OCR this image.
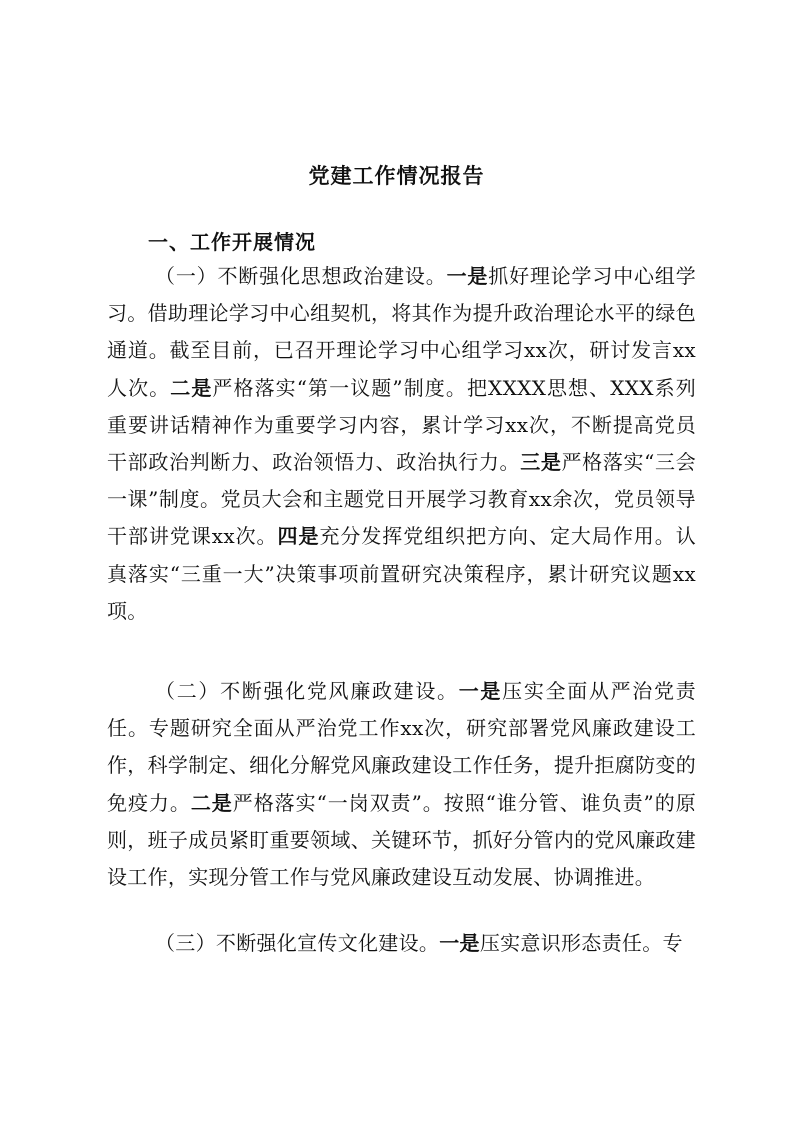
党建工作情况报告
一、工作开展情况

（一）不断强化思想政治建设。一是抓好理论学习中心组学习。借助理论学习中心组契机，将其作为提升政治理论水平的绿色通道。截至目前，已召开理论学习中心组学习xx次，研讨发言xx人次。二是严格落实“第一议题”制度。把XXXX思想、XXX系列重要讲话精神作为重要学习内容，累计学习xx次，不断提高党员干部政治判断力、政治领悟力、政治执行力。三是严格落实“三会一课”制度。党员大会和主题党日开展学习教育xx余次，党员领导干部讲党课xx次。四是充分发挥党组织把方向、定大局作用。认真落实“三重一大”决策事项前置研究决策程序，累计研究议题xx项。

（二）不断强化党风廉政建设。一是压实全面从严治党责任。专题研究全面从严治党工作xx次，研究部署党风廉政建设工作，科学制定、细化分解党风廉政建设工作任务，提升拒腐防变的免疫力。二是严格落实“一岗双责”。按照“谁分管、谁负责”的原则，班子成员紧盯重要领域、关键环节，抓好分管内的党风廉政建设工作，实现分管工作与党风廉政建设互动发展、协调推进。

（三）不断强化宣传文化建设。一是压实意识形态责任。专
